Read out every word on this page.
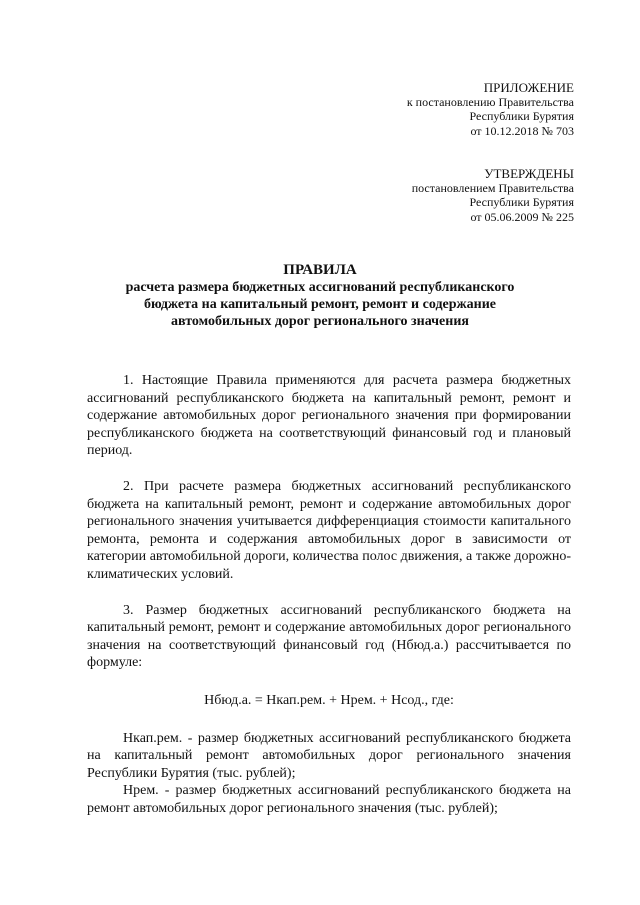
ПРИЛОЖЕНИЕ
к постановлению Правительства
Республики Бурятия
от 10.12.2018 № 703
УТВЕРЖДЕНЫ
постановлением Правительства
Республики Бурятия
от 05.06.2009 № 225
ПРАВИЛА
расчета размера бюджетных ассигнований республиканского
бюджета на капитальный ремонт, ремонт и содержание
автомобильных дорог регионального значения

1. Настоящие Правила применяются для расчета размера бюджетных ассигнований республиканского бюджета на капитальный ремонт, ремонт и содержание автомобильных дорог регионального значения при формировании республиканского бюджета на соответствующий финансовый год и плановый период.

2. При расчете размера бюджетных ассигнований республиканского бюджета на капитальный ремонт, ремонт и содержание автомобильных дорог регионального значения учитывается дифференциация стоимости капитального ремонта, ремонта и содержания автомобильных дорог в зависимости от категории автомобильной дороги, количества полос движения, а также дорожно-климатических условий.

3. Размер бюджетных ассигнований республиканского бюджета на капитальный ремонт, ремонт и содержание автомобильных дорог регионального значения на соответствующий финансовый год (Нбюд.а.) рассчитывается по формуле:

Нбюд.а. = Нкап.рем. + Нрем. + Нсод., где:

Нкап.рем. - размер бюджетных ассигнований республиканского бюджета на капитальный ремонт автомобильных дорог регионального значения Республики Бурятия (тыс. рублей);

Нрем. - размер бюджетных ассигнований республиканского бюджета на ремонт автомобильных дорог регионального значения (тыс. рублей);
